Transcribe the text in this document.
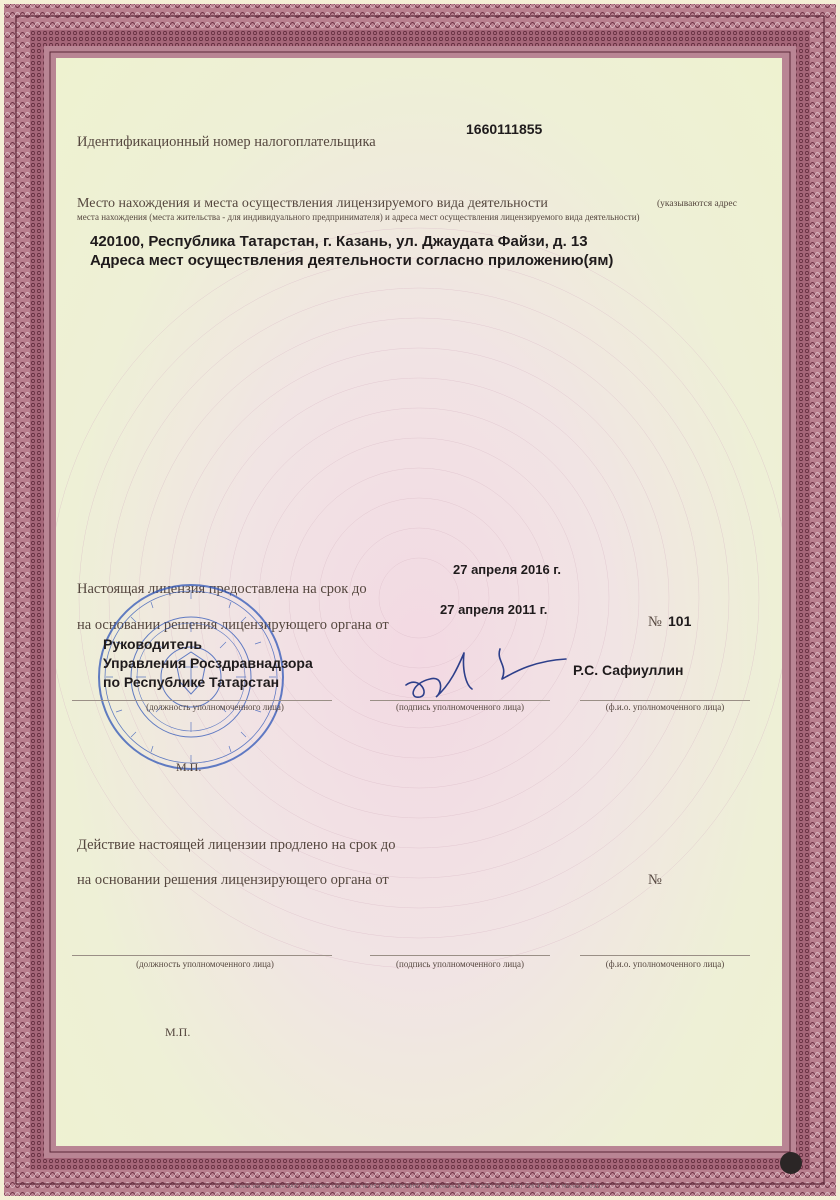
Идентификационный номер налогоплательщика
1660111855
Место нахождения и места осуществления лицензируемого вида деятельности	(указываются адрес
места нахождения (места жительства - для индивидуального предпринимателя) и адреса мест осуществления лицензируемого вида деятельности)
420100, Республика Татарстан, г. Казань, ул. Джаудата Файзи, д. 13
Адреса мест осуществления деятельности согласно приложению(ям)
27 апреля 2016 г.
Настоящая лицензия предоставлена на срок до
27 апреля 2011 г.
на основании решения лицензирующего органа от	№ 101
Руководитель
Управления Росздравнадзора
по Республике Татарстан
Р.С. Сафиуллин
(должность уполномоченного лица)	(подпись уполномоченного лица)	(ф.и.о. уполномоченного лица)
М.П.
Действие настоящей лицензии продлено на срок до
на основании решения лицензирующего органа от	№
(должность уполномоченного лица)	(подпись уполномоченного лица)	(ф.и.о. уполномоченного лица)
М.П.
Бланк изготовлен ЗАО «ОПЦИОН» (лицензия № 05-05-09/003 ФНС РФ, уровень Б, ТЗ № 255) тел. (495) 726-47-42, г. Москва, 2011 г.
